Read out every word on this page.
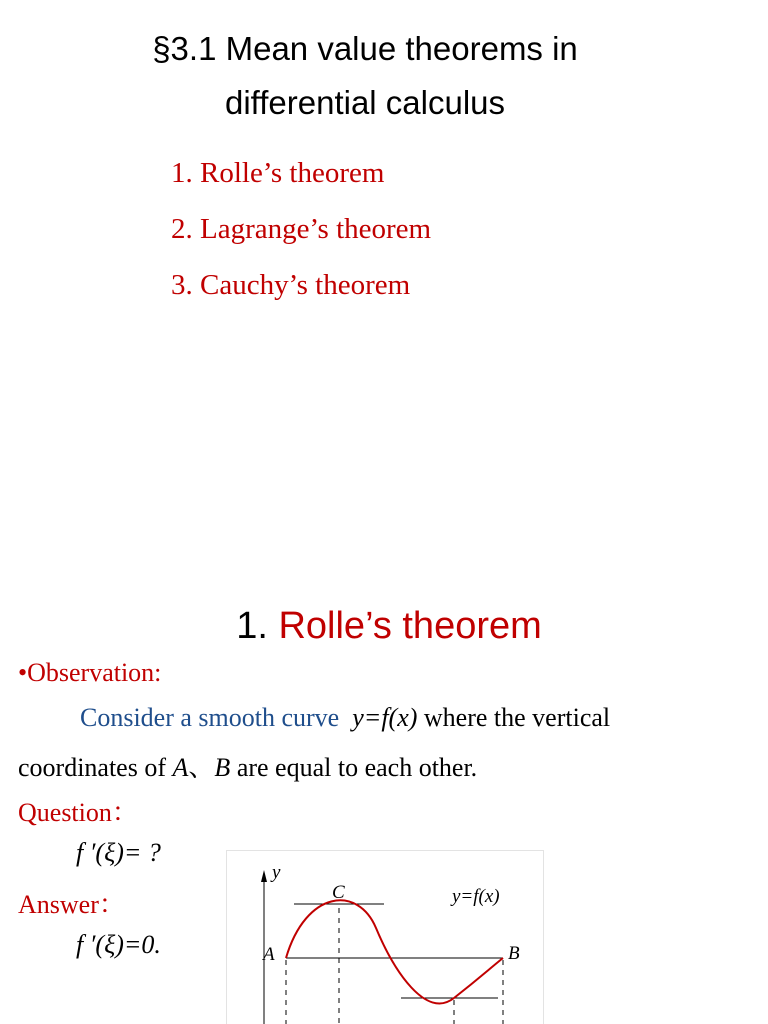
§3.1 Mean value theorems in
differential calculus
1. Rolle’s theorem
2. Lagrange’s theorem
3. Cauchy’s theorem
1. Rolle’s theorem
•Observation:
Consider a smooth curve y=f(x) where the vertical
coordinates of A、B are equal to each other.
Question：
f ′(ξ)= ?
Answer：
f ′(ξ)=0.
y
C
A	B
y=f(x)
